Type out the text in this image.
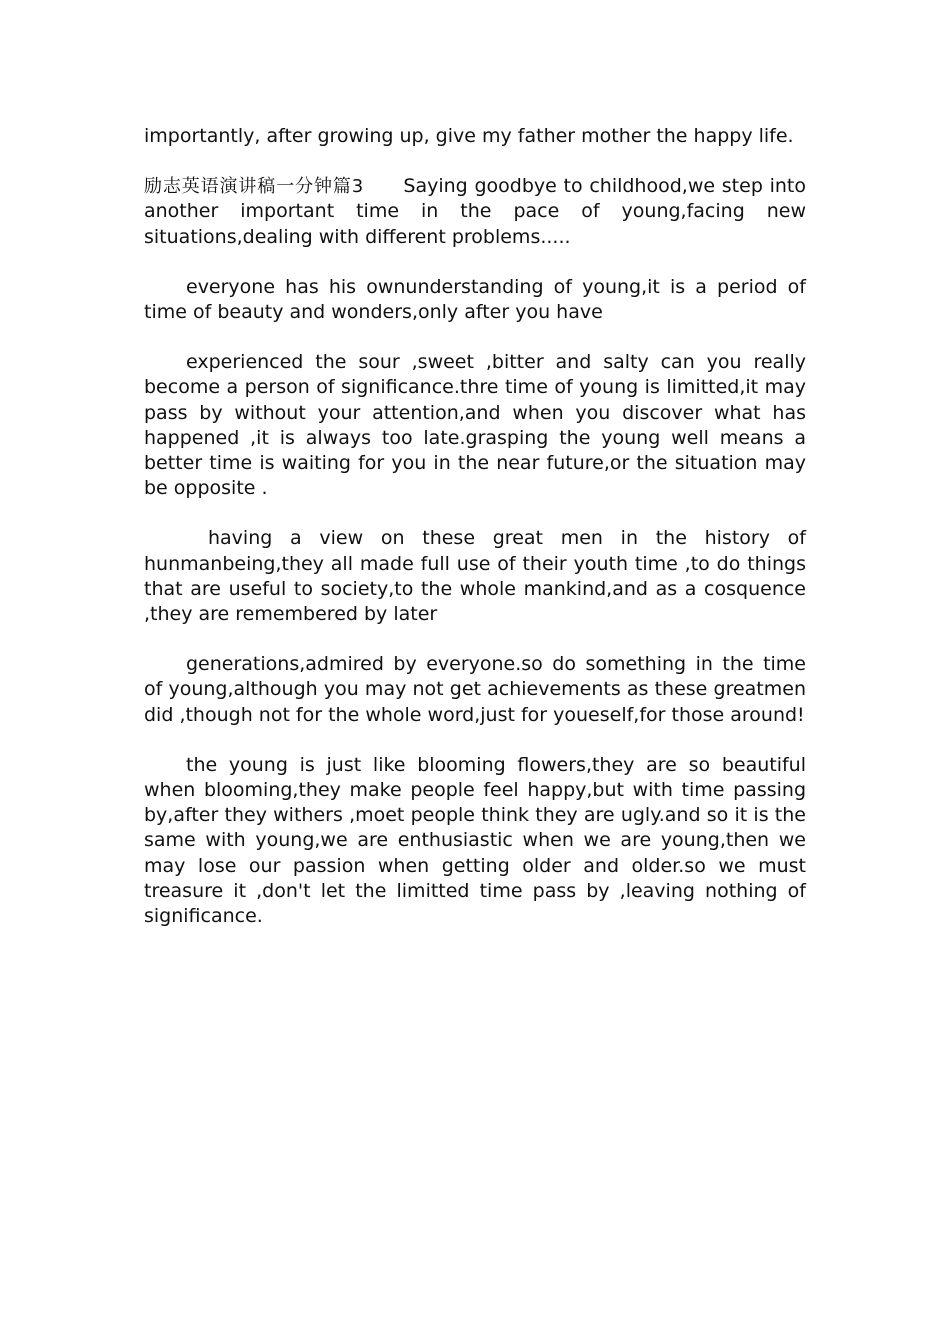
importantly, after growing up, give my father mother the happy life.

励志英语演讲稿一分钟篇3 Saying goodbye to childhood,we step into another important time in the pace of young,facing new situations,dealing with different problems.....

everyone has his ownunderstanding of young,it is a period of time of beauty and wonders,only after you have

experienced the sour ,sweet ,bitter and salty can you really become a person of significance.thre time of young is limitted,it may pass by without your attention,and when you discover what has happened ,it is always too late.grasping the young well means a better time is waiting for you in the near future,or the situation may be opposite .

having a view on these great men in the history of hunmanbeing,they all made full use of their youth time ,to do things that are useful to society,to the whole mankind,and as a cosquence ,they are remembered by later

generations,admired by everyone.so do something in the time of young,although you may not get achievements as these greatmen did ,though not for the whole word,just for youeself,for those around!

the young is just like blooming flowers,they are so beautiful when blooming,they make people feel happy,but with time passing by,after they withers ,moet people think they are ugly.and so it is the same with young,we are enthusiastic when we are young,then we may lose our passion when getting older and older.so we must treasure it ,don't let the limitted time pass by ,leaving nothing of significance.
